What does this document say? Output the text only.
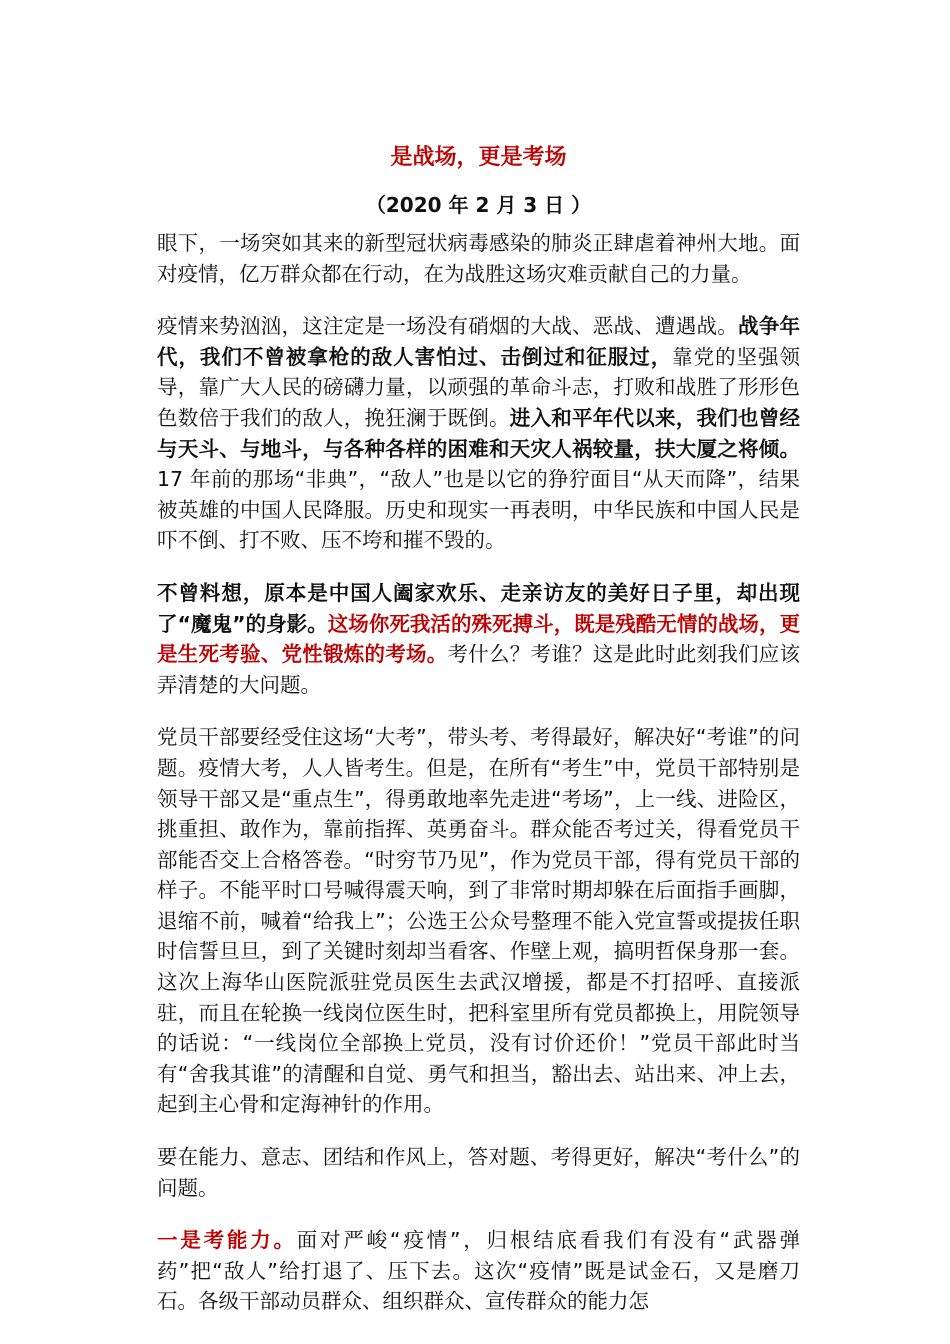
是战场，更是考场
（2020 年 2 月 3 日 ）

眼下，一场突如其来的新型冠状病毒感染的肺炎正肆虐着神州大地。面对疫情，亿万群众都在行动，在为战胜这场灾难贡献自己的力量。

疫情来势汹汹，这注定是一场没有硝烟的大战、恶战、遭遇战。战争年代，我们不曾被拿枪的敌人害怕过、击倒过和征服过，靠党的坚强领导，靠广大人民的磅礴力量，以顽强的革命斗志，打败和战胜了形形色色数倍于我们的敌人，挽狂澜于既倒。进入和平年代以来，我们也曾经与天斗、与地斗，与各种各样的困难和天灾人祸较量，扶大厦之将倾。17 年前的那场“非典”，“敌人”也是以它的狰狞面目“从天而降”，结果被英雄的中国人民降服。历史和现实一再表明，中华民族和中国人民是吓不倒、打不败、压不垮和摧不毁的。

不曾料想，原本是中国人阖家欢乐、走亲访友的美好日子里，却出现了“魔鬼”的身影。这场你死我活的殊死搏斗，既是残酷无情的战场，更是生死考验、党性锻炼的考场。考什么？考谁？这是此时此刻我们应该弄清楚的大问题。

党员干部要经受住这场“大考”，带头考、考得最好，解决好“考谁”的问题。疫情大考，人人皆考生。但是，在所有“考生”中，党员干部特别是领导干部又是“重点生”，得勇敢地率先走进“考场”，上一线、进险区，挑重担、敢作为，靠前指挥、英勇奋斗。群众能否考过关，得看党员干部能否交上合格答卷。“时穷节乃见”，作为党员干部，得有党员干部的样子。不能平时口号喊得震天响，到了非常时期却躲在后面指手画脚，退缩不前，喊着“给我上”；公选王公众号整理不能入党宣誓或提拔任职时信誓旦旦，到了关键时刻却当看客、作壁上观，搞明哲保身那一套。这次上海华山医院派驻党员医生去武汉增援，都是不打招呼、直接派驻，而且在轮换一线岗位医生时，把科室里所有党员都换上，用院领导的话说：“一线岗位全部换上党员，没有讨价还价！”党员干部此时当有“舍我其谁”的清醒和自觉、勇气和担当，豁出去、站出来、冲上去，起到主心骨和定海神针的作用。

要在能力、意志、团结和作风上，答对题、考得更好，解决“考什么”的问题。

一是考能力。面对严峻“疫情”，归根结底看我们有没有“武器弹药”把“敌人”给打退了、压下去。这次“疫情”既是试金石，又是磨刀石。各级干部动员群众、组织群众、宣传群众的能力怎
